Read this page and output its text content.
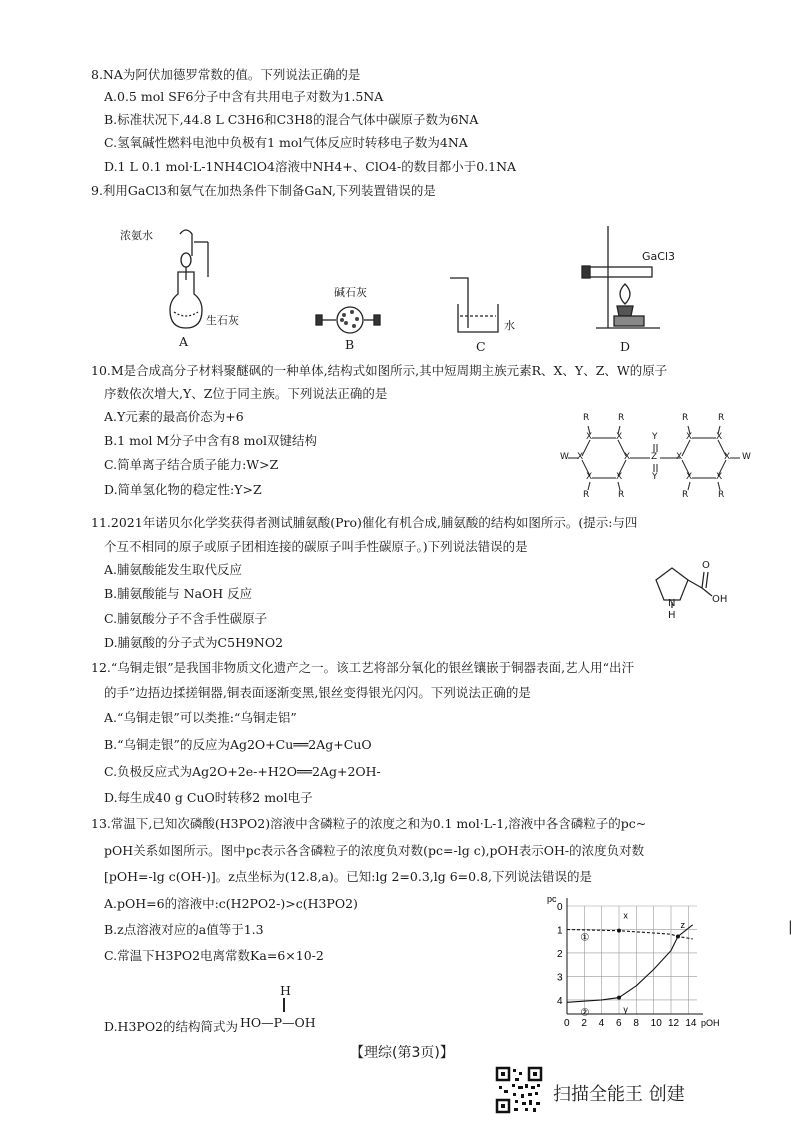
8.NA为阿伏加德罗常数的值。下列说法正确的是
A.0.5 mol SF6分子中含有共用电子对数为1.5NA
B.标准状况下,44.8 L C3H6和C3H8的混合气体中碳原子数为6NA
C.氢氧碱性燃料电池中负极有1 mol气体反应时转移电子数为4NA
D.1 L 0.1 mol·L-1NH4ClO4溶液中NH4+、ClO4-的数目都小于0.1NA
9.利用GaCl3和氨气在加热条件下制备GaN,下列装置错误的是
浓氨水
生石灰
碱石灰
水
GaCl3
A	B	C	D
10.M是合成高分子材料聚醚砜的一种单体,结构式如图所示,其中短周期主族元素R、X、Y、Z、W的原子
序数依次增大,Y、Z位于同主族。下列说法正确的是
A.Y元素的最高价态为+6
B.1 mol M分子中含有8 mol双键结构
C.简单离子结合质子能力:W>Z
D.简单氢化物的稳定性:Y>Z
R	R	R	R
X	X	X	X
Y
W X	X Z X	X W
Y
X	X	X	X
R	R	R	R
11.2021年诺贝尔化学奖获得者测试脯氨酸(Pro)催化有机合成,脯氨酸的结构如图所示。(提示:与四
个互不相同的原子或原子团相连接的碳原子叫手性碳原子。)下列说法错误的是
A.脯氨酸能发生取代反应
B.脯氨酸能与 NaOH 反应
C.脯氨酸分子不含手性碳原子
D.脯氨酸的分子式为C5H9NO2
O
OH
N
H
12.“乌铜走银”是我国非物质文化遗产之一。该工艺将部分氧化的银丝镶嵌于铜器表面,艺人用“出汗
的手”边捂边揉搓铜器,铜表面逐渐变黑,银丝变得银光闪闪。下列说法正确的是
A.“乌铜走银”可以类推:“乌铜走铝”
B.“乌铜走银”的反应为Ag2O+Cu══2Ag+CuO
C.负极反应式为Ag2O+2e-+H2O══2Ag+2OH-
D.每生成40 g CuO时转移2 mol电子
13.常温下,已知次磷酸(H3PO2)溶液中含磷粒子的浓度之和为0.1 mol·L-1,溶液中各含磷粒子的pc~
pOH关系如图所示。图中pc表示各含磷粒子的浓度负对数(pc=-lg c),pOH表示OH-的浓度负对数
[pOH=-lg c(OH-)]。z点坐标为(12.8,a)。已知:lg 2=0.3,lg 6=0.8,下列说法错误的是
A.pOH=6的溶液中:c(H2PO2-)>c(H3PO2)
B.z点溶液对应的a值等于1.3
C.常温下H3PO2电离常数Ka=6×10-2
D.H3PO2的结构简式为
H
HO—P—OH
pc
pOH
0 2 4 6 8 10 12 14
0
1
2
3
4
①
②
x
y
z	|
【理综(第3页)】
扫描全能王 创建
